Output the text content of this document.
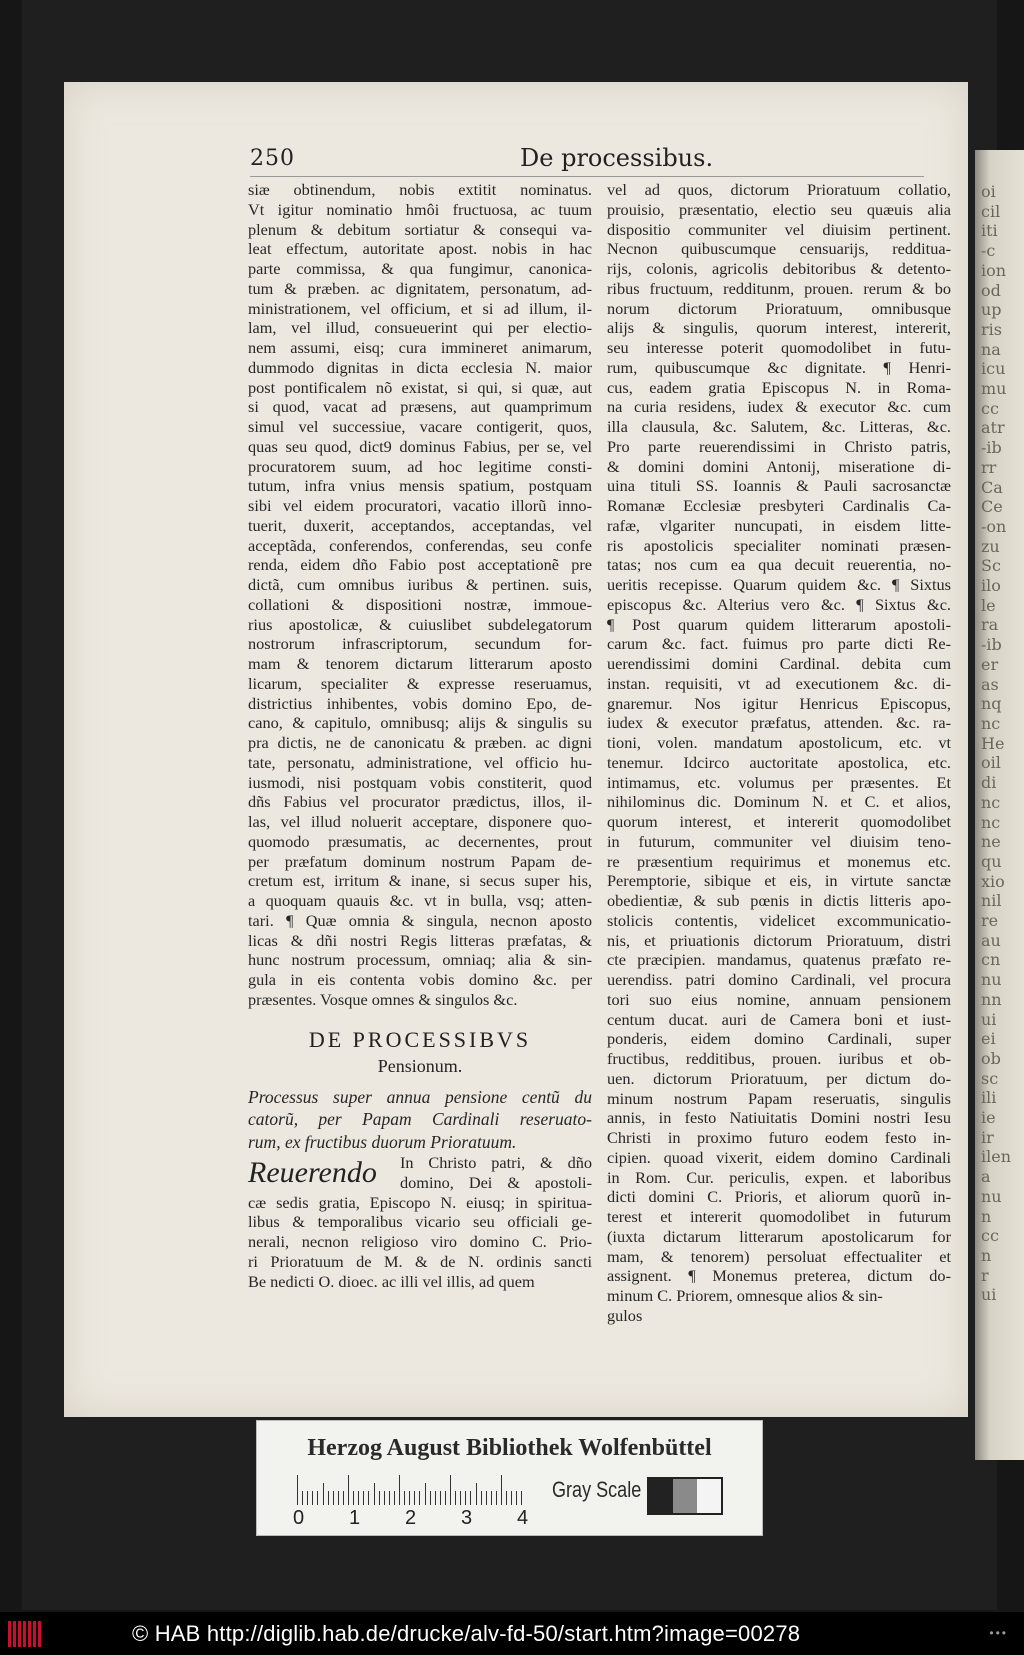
oi
cil
iti
-c
ion
od
up
ris
na
icu
mu
cc
atr
-ib
rr
Ca
Ce
-on
zu
Sc
ilo
le
ra
-ib
er
as
nq
nc
He
oil
di
nc
nc
ne
qu
xio
nil
re
au
cn
nu
nn
ui
ei
ob
sc
ili
ie
ir
ilen
a
nu
n
cc
n
r
ui
250	De processibus.
siæ obtinendum, nobis extitit nominatus.
Vt igitur nominatio hmôi fructuosa, ac tuum
plenum & debitum sortiatur & consequi va-
leat effectum, autoritate apost. nobis in hac
parte commissa, & qua fungimur, canonica-
tum & præben. ac dignitatem, personatum, ad-
ministrationem, vel officium, et si ad illum, il-
lam, vel illud, consueuerint qui per electio-
nem assumi, eisq; cura immineret animarum,
dummodo dignitas in dicta ecclesia N. maior
post pontificalem nõ existat, si qui, si quæ, aut
si quod, vacat ad præsens, aut quamprimum
simul vel successiue, vacare contigerit, quos,
quas seu quod, dict9 dominus Fabius, per se, vel
procuratorem suum, ad hoc legitime consti-
tutum, infra vnius mensis spatium, postquam
sibi vel eidem procuratori, vacatio illorũ inno-
tuerit, duxerit, acceptandos, acceptandas, vel
acceptãda, conferendos, conferendas, seu confe
renda, eidem dño Fabio post acceptationẽ pre
dictã, cum omnibus iuribus & pertinen. suis,
collationi & dispositioni nostræ, immoue-
rius apostolicæ, & cuiuslibet subdelegatorum
nostrorum infrascriptorum, secundum for-
mam & tenorem dictarum litterarum aposto
licarum, specialiter & expresse reseruamus,
districtius inhibentes, vobis domino Epo, de-
cano, & capitulo, omnibusq; alijs & singulis su
pra dictis, ne de canonicatu & præben. ac digni
tate, personatu, administratione, vel officio hu-
iusmodi, nisi postquam vobis constiterit, quod
dñs Fabius vel procurator prædictus, illos, il-
las, vel illud noluerit acceptare, disponere quo-
quomodo præsumatis, ac decernentes, prout
per præfatum dominum nostrum Papam de-
cretum est, irritum & inane, si secus super his,
a quoquam quauis &c. vt in bulla, vsq; atten-
tari. ¶ Quæ omnia & singula, necnon aposto
licas & dñi nostri Regis litteras præfatas, &
hunc nostrum processum, omniaq; alia & sin-
gula in eis contenta vobis domino &c. per
præsentes. Vosque omnes & singulos &c.
DE PROCESSIBVS
Pensionum.
Processus super annua pensione centũ du
catorũ, per Papam Cardinali reseruato-
rum, ex fructibus duorum Prioratuum.
Reuerendo	In Christo patri, & dño
domino, Dei & apostoli-
cæ sedis gratia, Episcopo N. eiusq; in spiritua-
libus & temporalibus vicario seu officiali ge-
nerali, necnon religioso viro domino C. Prio-
ri Prioratuum de M. & de N. ordinis sancti
Be nedicti O. dioec. ac illi vel illis, ad quem
vel ad quos, dictorum Prioratuum collatio,
prouisio, præsentatio, electio seu quæuis alia
dispositio communiter vel diuisim pertinent.
Necnon quibuscumque censuarijs, redditua-
rijs, colonis, agricolis debitoribus & detento-
ribus fructuum, redditunm, prouen. rerum & bo
norum dictorum Prioratuum, omnibusque
alijs & singulis, quorum interest, intererit,
seu interesse poterit quomodolibet in futu-
rum, quibuscumque &c dignitate. ¶ Henri-
cus, eadem gratia Episcopus N. in Roma-
na curia residens, iudex & executor &c. cum
illa clausula, &c. Salutem, &c. Litteras, &c.
Pro parte reuerendissimi in Christo patris,
& domini domini Antonij, miseratione di-
uina tituli SS. Ioannis & Pauli sacrosanctæ
Romanæ Ecclesiæ presbyteri Cardinalis Ca-
rafæ, vlgariter nuncupati, in eisdem litte-
ris apostolicis specialiter nominati præsen-
tatas; nos cum ea qua decuit reuerentia, no-
ueritis recepisse. Quarum quidem &c. ¶ Sixtus
episcopus &c. Alterius vero &c. ¶ Sixtus &c.
¶ Post quarum quidem litterarum apostoli-
carum &c. fact. fuimus pro parte dicti Re-
uerendissimi domini Cardinal. debita cum
instan. requisiti, vt ad executionem &c. di-
gnaremur. Nos igitur Henricus Episcopus,
iudex & executor præfatus, attenden. &c. ra-
tioni, volen. mandatum apostolicum, etc. vt
tenemur. Idcirco auctoritate apostolica, etc.
intimamus, etc. volumus per præsentes. Et
nihilominus dic. Dominum N. et C. et alios,
quorum interest, et intererit quomodolibet
in futurum, communiter vel diuisim teno-
re præsentium requirimus et monemus etc.
Peremptorie, sibique et eis, in virtute sanctæ
obedientiæ, & sub pœnis in dictis litteris apo-
stolicis contentis, videlicet excommunicatio-
nis, et priuationis dictorum Prioratuum, distri
cte præcipien. mandamus, quatenus præfato re-
uerendiss. patri domino Cardinali, vel procura
tori suo eius nomine, annuam pensionem
centum ducat. auri de Camera boni et iust-
ponderis, eidem domino Cardinali, super
fructibus, redditibus, prouen. iuribus et ob-
uen. dictorum Prioratuum, per dictum do-
minum nostrum Papam reseruatis, singulis
annis, in festo Natiuitatis Domini nostri Iesu
Christi in proximo futuro eodem festo in-
cipien. quoad vixerit, eidem domino Cardinali
in Rom. Cur. periculis, expen. et laboribus
dicti domini C. Prioris, et aliorum quorũ in-
terest et intererit quomodolibet in futurum
(iuxta dictarum litterarum apostolicarum for
mam, & tenorem) persoluat effectualiter et
assignent. ¶ Monemus preterea, dictum do-
minum C. Priorem, omnesque alios & sin-
gulos
Herzog August Bibliothek Wolfenbüttel
0 1 2 3 4
Gray Scale
© HAB http://diglib.hab.de/drucke/alv-fd-50/start.htm?image=00278	•••
